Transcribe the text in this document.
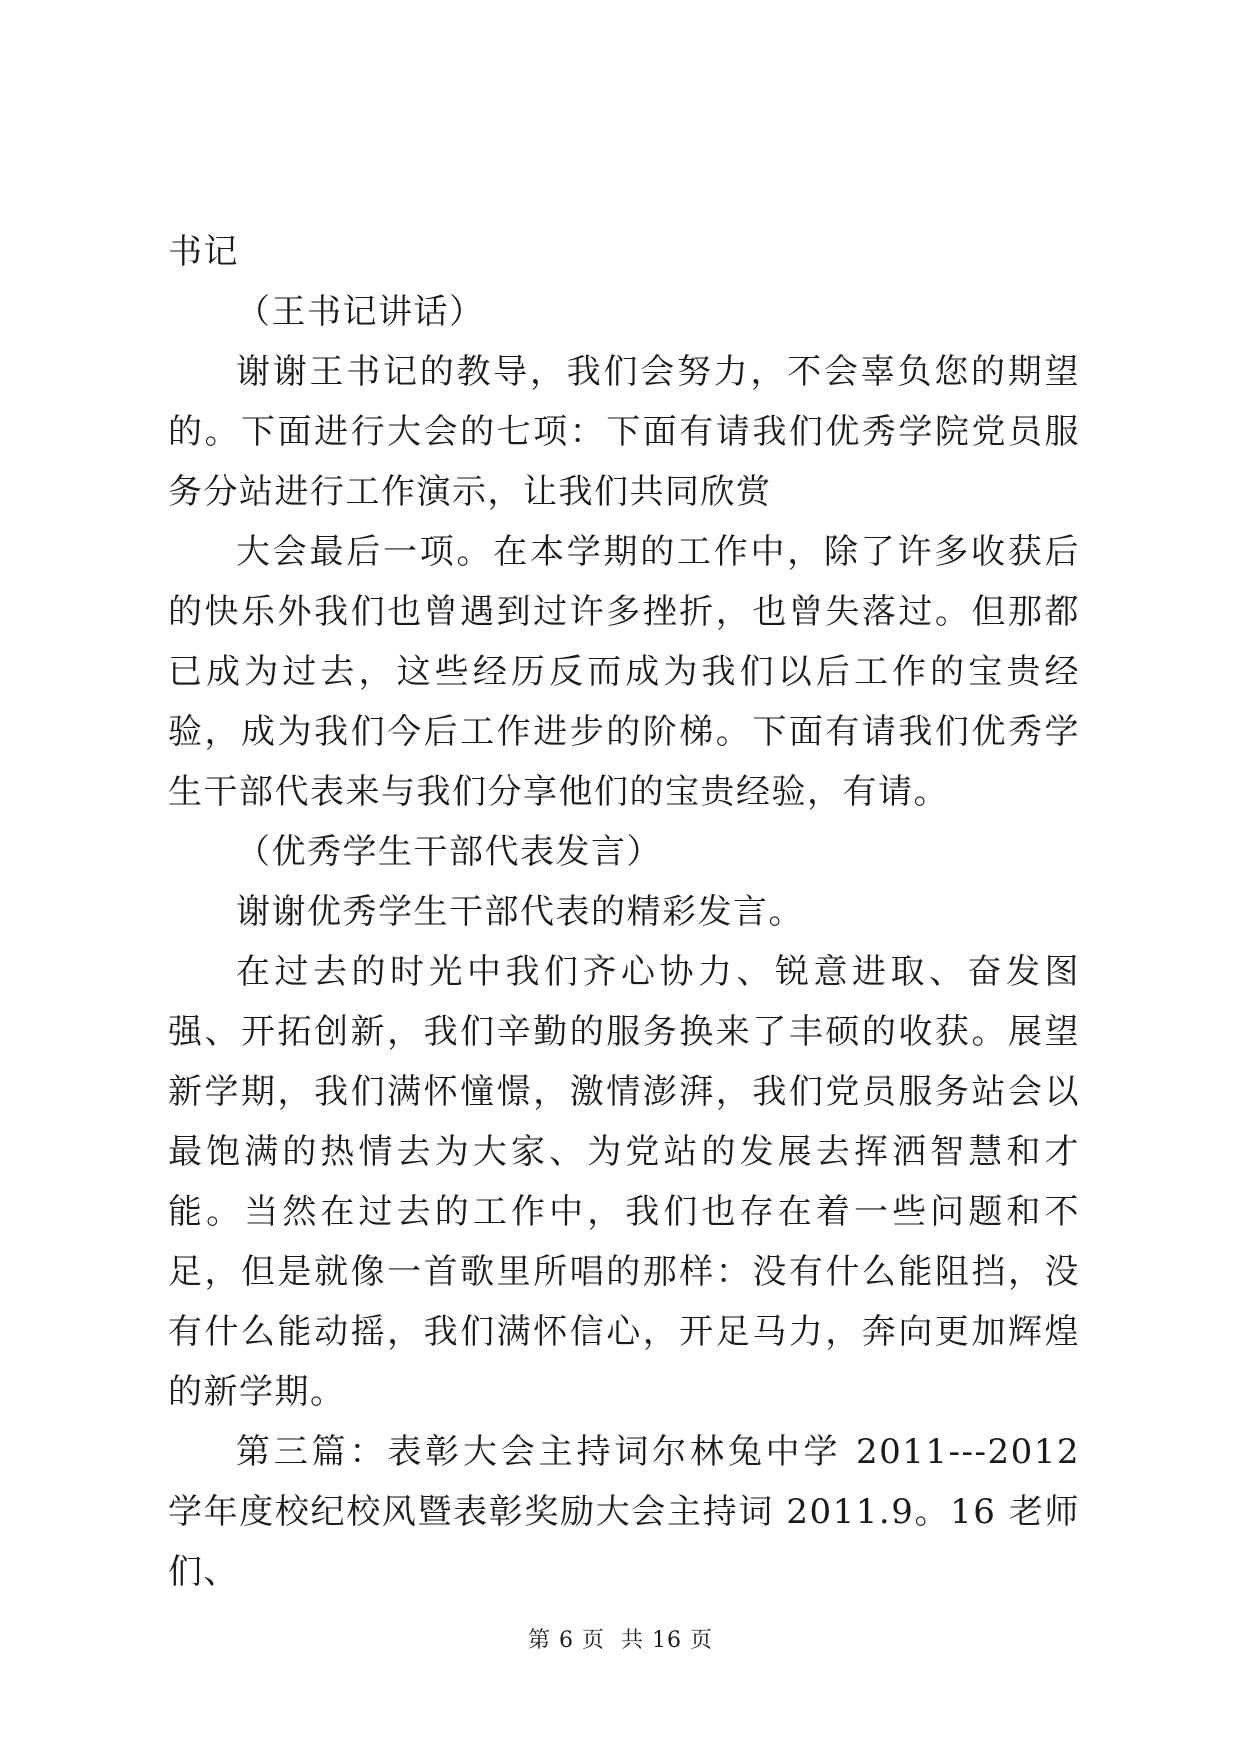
书记

（王书记讲话）

谢谢王书记的教导，我们会努力，不会辜负您的期望的。下面进行大会的七项：下面有请我们优秀学院党员服务分站进行工作演示，让我们共同欣赏

大会最后一项。在本学期的工作中，除了许多收获后的快乐外我们也曾遇到过许多挫折，也曾失落过。但那都已成为过去，这些经历反而成为我们以后工作的宝贵经验，成为我们今后工作进步的阶梯。下面有请我们优秀学生干部代表来与我们分享他们的宝贵经验，有请。

（优秀学生干部代表发言）

谢谢优秀学生干部代表的精彩发言。

在过去的时光中我们齐心协力、锐意进取、奋发图强、开拓创新，我们辛勤的服务换来了丰硕的收获。展望新学期，我们满怀憧憬，激情澎湃，我们党员服务站会以最饱满的热情去为大家、为党站的发展去挥洒智慧和才能。当然在过去的工作中，我们也存在着一些问题和不足，但是就像一首歌里所唱的那样：没有什么能阻挡，没有什么能动摇，我们满怀信心，开足马力，奔向更加辉煌的新学期。

第三篇：表彰大会主持词尔林兔中学 2011---2012 学年度校纪校风暨表彰奖励大会主持词 2011.9。16 老师们、

第 6 页 共 16 页
